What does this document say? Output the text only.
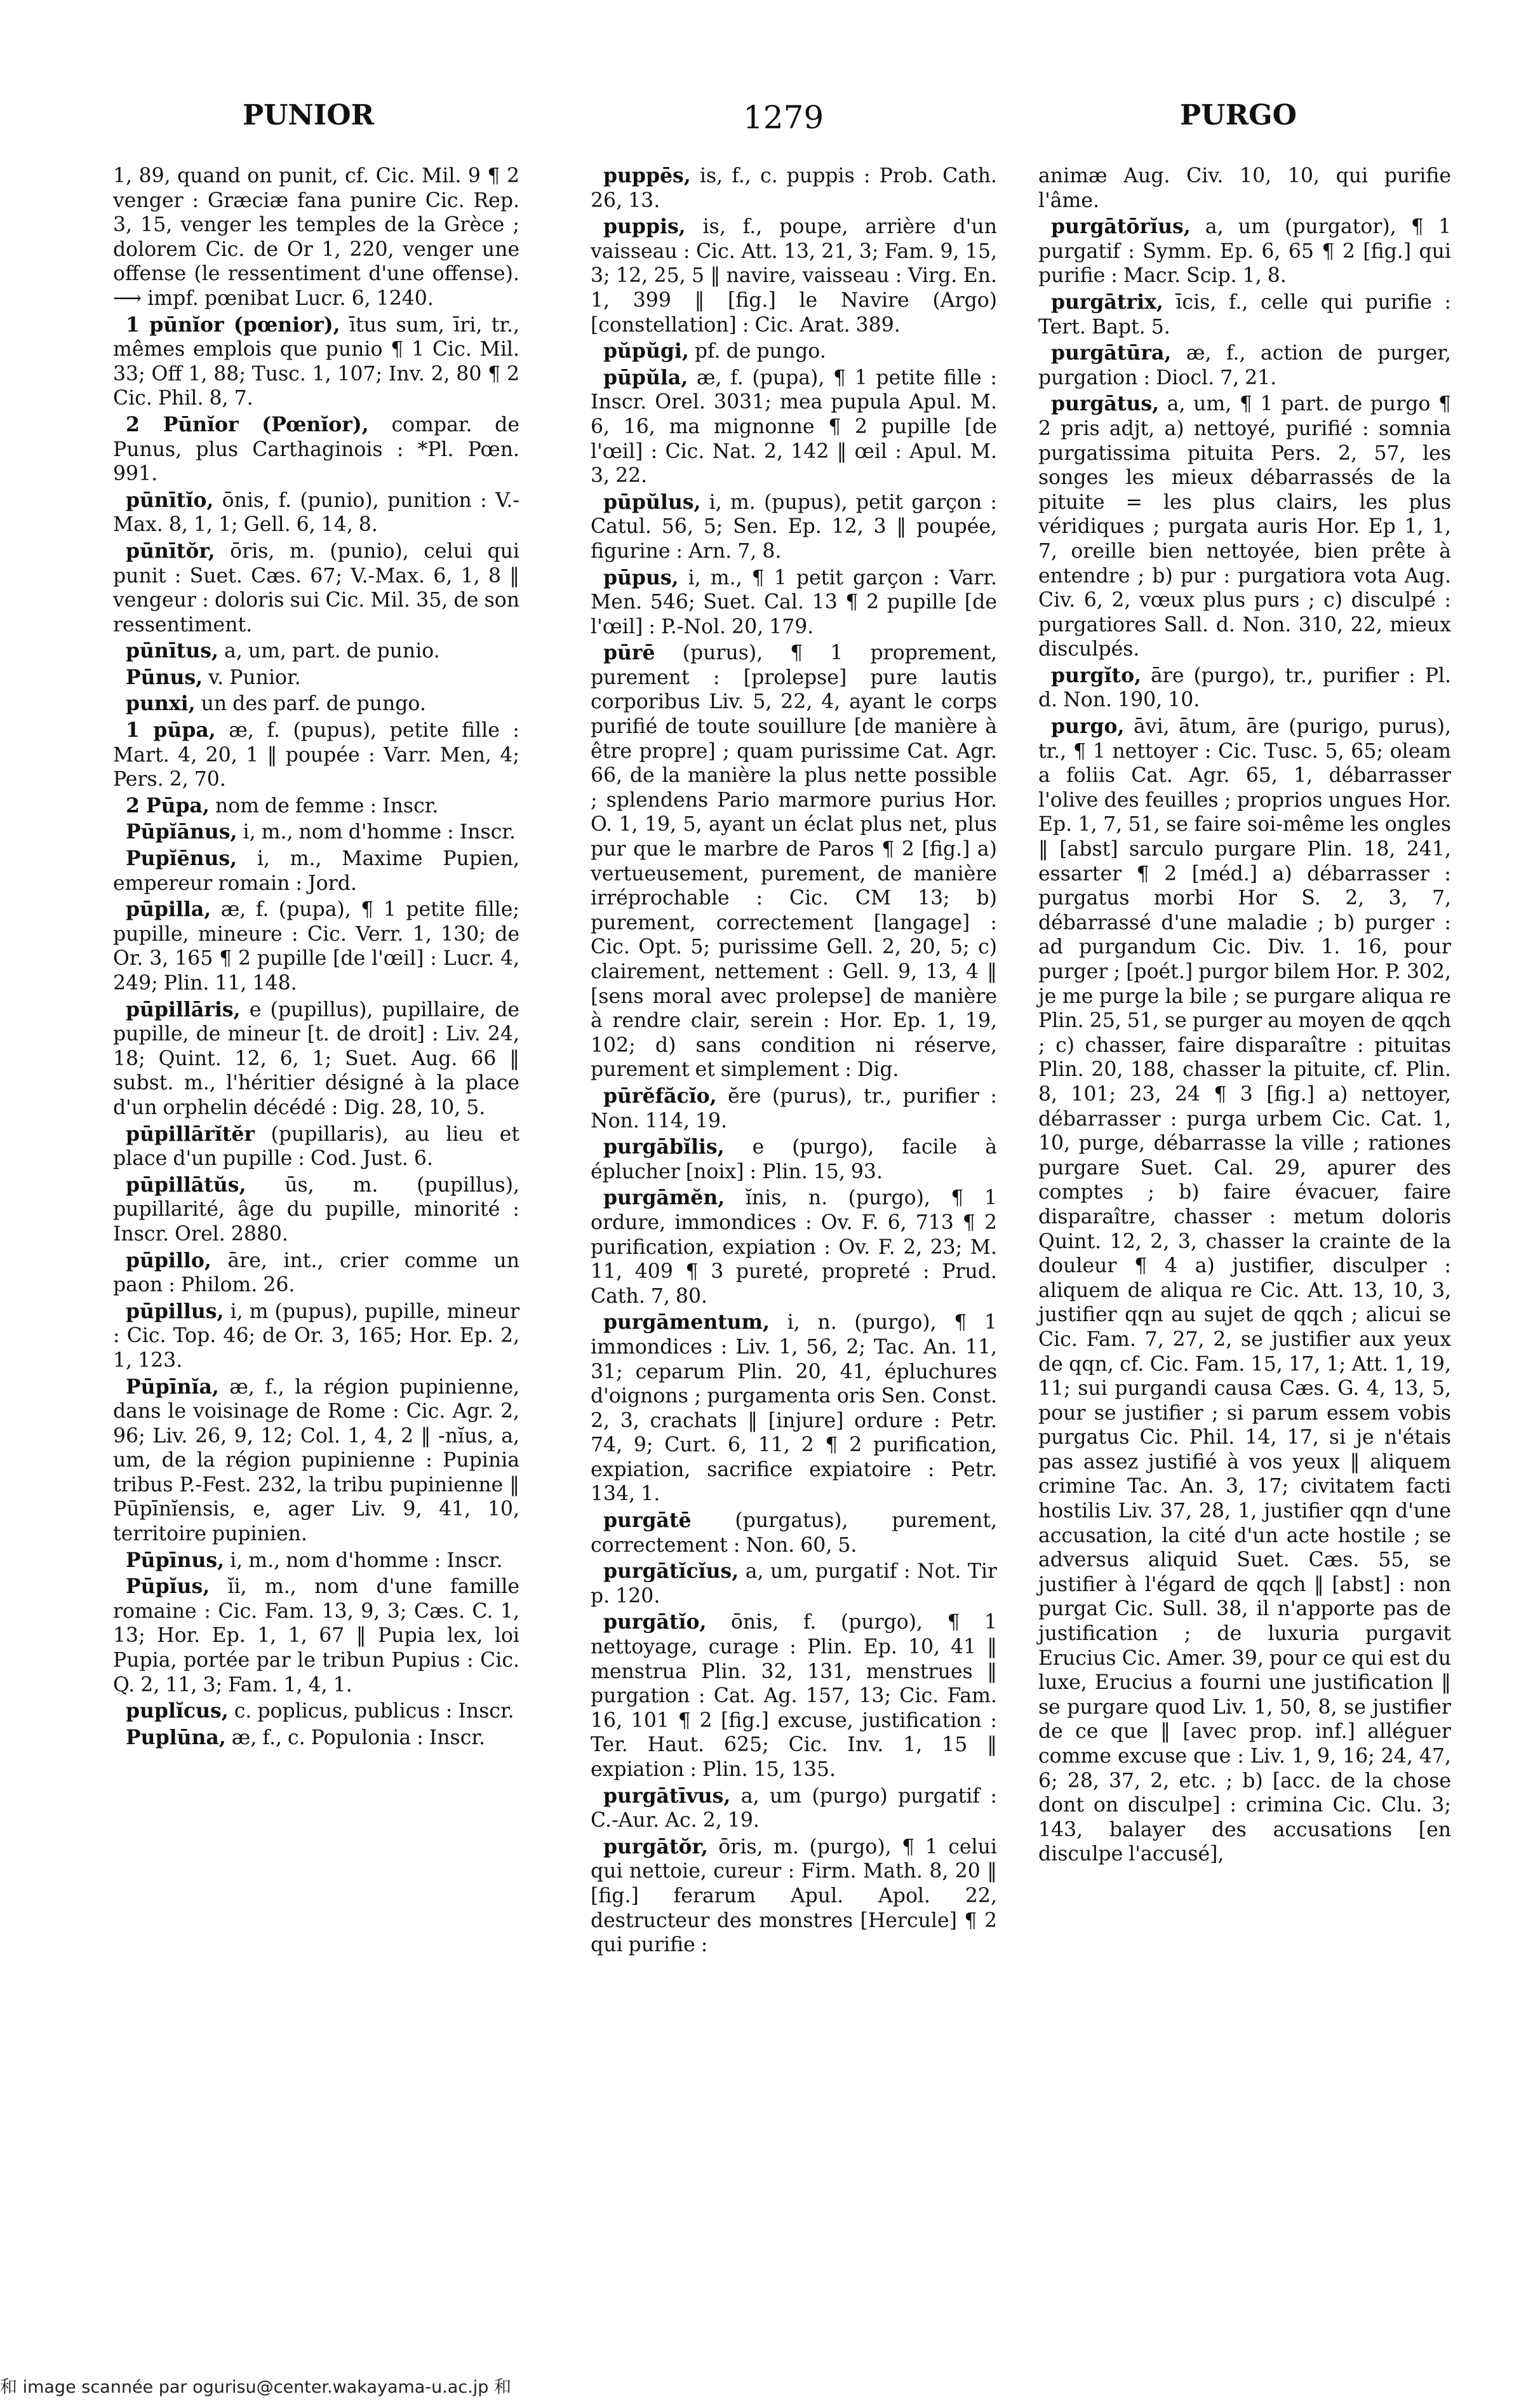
PUNIOR	1279	PURGO
1, 89, quand on punit, cf. Cic. Mil. 9 ¶ 2 venger : Græciæ fana punire Cic. Rep. 3, 15, venger les temples de la Grèce ; dolorem Cic. de Or 1, 220, venger une offense (le ressentiment d'une offense). ⟶ impf. pœnibat Lucr. 6, 1240.
1 pūnĭor (pœnior), ītus sum, īri, tr., mêmes emplois que punio ¶ 1 Cic. Mil. 33; Off 1, 88; Tusc. 1, 107; Inv. 2, 80 ¶ 2 Cic. Phil. 8, 7.
2 Pūnĭor (Pœnĭor), compar. de Punus, plus Carthaginois : *Pl. Pœn. 991.
pūnītĭo, ōnis, f. (punio), punition : V.-Max. 8, 1, 1; Gell. 6, 14, 8.
pūnītŏr, ōris, m. (punio), celui qui punit : Suet. Cæs. 67; V.-Max. 6, 1, 8 ‖ vengeur : doloris sui Cic. Mil. 35, de son ressentiment.
pūnītus, a, um, part. de punio.
Pūnus, v. Punior.
punxi, un des parf. de pungo.
1 pūpa, æ, f. (pupus), petite fille : Mart. 4, 20, 1 ‖ poupée : Varr. Men, 4; Pers. 2, 70.
2 Pūpa, nom de femme : Inscr.
Pūpĭānus, i, m., nom d'homme : Inscr.
Pupĭēnus, i, m., Maxime Pupien, empereur romain : Jord.
pūpilla, æ, f. (pupa), ¶ 1 petite fille; pupille, mineure : Cic. Verr. 1, 130; de Or. 3, 165 ¶ 2 pupille [de l'œil] : Lucr. 4, 249; Plin. 11, 148.
pūpillāris, e (pupillus), pupillaire, de pupille, de mineur [t. de droit] : Liv. 24, 18; Quint. 12, 6, 1; Suet. Aug. 66 ‖ subst. m., l'héritier désigné à la place d'un orphelin décédé : Dig. 28, 10, 5.
pūpillārĭtĕr (pupillaris), au lieu et place d'un pupille : Cod. Just. 6.
pūpillātŭs, ūs, m. (pupillus), pupillarité, âge du pupille, minorité : Inscr. Orel. 2880.
pūpillo, āre, int., crier comme un paon : Philom. 26.
pūpillus, i, m (pupus), pupille, mineur : Cic. Top. 46; de Or. 3, 165; Hor. Ep. 2, 1, 123.
Pūpīnĭa, æ, f., la région pupinienne, dans le voisinage de Rome : Cic. Agr. 2, 96; Liv. 26, 9, 12; Col. 1, 4, 2 ‖ -nĭus, a, um, de la région pupinienne : Pupinia tribus P.-Fest. 232, la tribu pupinienne ‖ Pūpīnĭensis, e, ager Liv. 9, 41, 10, territoire pupinien.
Pūpīnus, i, m., nom d'homme : Inscr.
Pūpĭus, ĭi, m., nom d'une famille romaine : Cic. Fam. 13, 9, 3; Cæs. C. 1, 13; Hor. Ep. 1, 1, 67 ‖ Pupia lex, loi Pupia, portée par le tribun Pupius : Cic. Q. 2, 11, 3; Fam. 1, 4, 1.
puplĭcus, c. poplicus, publicus : Inscr.
Puplūna, æ, f., c. Populonia : Inscr.
puppēs, is, f., c. puppis : Prob. Cath. 26, 13.
puppis, is, f., poupe, arrière d'un vaisseau : Cic. Att. 13, 21, 3; Fam. 9, 15, 3; 12, 25, 5 ‖ navire, vaisseau : Virg. En. 1, 399 ‖ [fig.] le Navire (Argo) [constellation] : Cic. Arat. 389.
pŭpŭgi, pf. de pungo.
pūpŭla, æ, f. (pupa), ¶ 1 petite fille : Inscr. Orel. 3031; mea pupula Apul. M. 6, 16, ma mignonne ¶ 2 pupille [de l'œil] : Cic. Nat. 2, 142 ‖ œil : Apul. M. 3, 22.
pūpŭlus, i, m. (pupus), petit garçon : Catul. 56, 5; Sen. Ep. 12, 3 ‖ poupée, figurine : Arn. 7, 8.
pūpus, i, m., ¶ 1 petit garçon : Varr. Men. 546; Suet. Cal. 13 ¶ 2 pupille [de l'œil] : P.-Nol. 20, 179.
pūrē (purus), ¶ 1 proprement, purement : [prolepse] pure lautis corporibus Liv. 5, 22, 4, ayant le corps purifié de toute souillure [de manière à être propre] ; quam purissime Cat. Agr. 66, de la manière la plus nette possible ; splendens Pario marmore purius Hor. O. 1, 19, 5, ayant un éclat plus net, plus pur que le marbre de Paros ¶ 2 [fig.] a) vertueusement, purement, de manière irréprochable : Cic. CM 13; b) purement, correctement [langage] : Cic. Opt. 5; purissime Gell. 2, 20, 5; c) clairement, nettement : Gell. 9, 13, 4 ‖ [sens moral avec prolepse] de manière à rendre clair, serein : Hor. Ep. 1, 19, 102; d) sans condition ni réserve, purement et simplement : Dig.
pūrĕfăcĭo, ĕre (purus), tr., purifier : Non. 114, 19.
purgābĭlis, e (purgo), facile à éplucher [noix] : Plin. 15, 93.
purgāmĕn, ĭnis, n. (purgo), ¶ 1 ordure, immondices : Ov. F. 6, 713 ¶ 2 purification, expiation : Ov. F. 2, 23; M. 11, 409 ¶ 3 pureté, propreté : Prud. Cath. 7, 80.
purgāmentum, i, n. (purgo), ¶ 1 immondices : Liv. 1, 56, 2; Tac. An. 11, 31; ceparum Plin. 20, 41, épluchures d'oignons ; purgamenta oris Sen. Const. 2, 3, crachats ‖ [injure] ordure : Petr. 74, 9; Curt. 6, 11, 2 ¶ 2 purification, expiation, sacrifice expiatoire : Petr. 134, 1.
purgātē (purgatus), purement, correctement : Non. 60, 5.
purgātĭcĭus, a, um, purgatif : Not. Tir p. 120.
purgātĭo, ōnis, f. (purgo), ¶ 1 nettoyage, curage : Plin. Ep. 10, 41 ‖ menstrua Plin. 32, 131, menstrues ‖ purgation : Cat. Ag. 157, 13; Cic. Fam. 16, 101 ¶ 2 [fig.] excuse, justification : Ter. Haut. 625; Cic. Inv. 1, 15 ‖ expiation : Plin. 15, 135.
purgātīvus, a, um (purgo) purgatif : C.-Aur. Ac. 2, 19.
purgātŏr, ōris, m. (purgo), ¶ 1 celui qui nettoie, cureur : Firm. Math. 8, 20 ‖ [fig.] ferarum Apul. Apol. 22, destructeur des monstres [Hercule] ¶ 2 qui purifie :
animæ Aug. Civ. 10, 10, qui purifie l'âme.
purgātōrĭus, a, um (purgator), ¶ 1 purgatif : Symm. Ep. 6, 65 ¶ 2 [fig.] qui purifie : Macr. Scip. 1, 8.
purgātrix, īcis, f., celle qui purifie : Tert. Bapt. 5.
purgātūra, æ, f., action de purger, purgation : Diocl. 7, 21.
purgātus, a, um, ¶ 1 part. de purgo ¶ 2 pris adjt, a) nettoyé, purifié : somnia purgatissima pituita Pers. 2, 57, les songes les mieux débarrassés de la pituite = les plus clairs, les plus véridiques ; purgata auris Hor. Ep 1, 1, 7, oreille bien nettoyée, bien prête à entendre ; b) pur : purgatiora vota Aug. Civ. 6, 2, vœux plus purs ; c) disculpé : purgatiores Sall. d. Non. 310, 22, mieux disculpés.
purgĭto, āre (purgo), tr., purifier : Pl. d. Non. 190, 10.
purgo, āvi, ātum, āre (purigo, purus), tr., ¶ 1 nettoyer : Cic. Tusc. 5, 65; oleam a foliis Cat. Agr. 65, 1, débarrasser l'olive des feuilles ; proprios ungues Hor. Ep. 1, 7, 51, se faire soi-même les ongles ‖ [abst] sarculo purgare Plin. 18, 241, essarter ¶ 2 [méd.] a) débarrasser : purgatus morbi Hor S. 2, 3, 7, débarrassé d'une maladie ; b) purger : ad purgandum Cic. Div. 1. 16, pour purger ; [poét.] purgor bilem Hor. P. 302, je me purge la bile ; se purgare aliqua re Plin. 25, 51, se purger au moyen de qqch ; c) chasser, faire disparaître : pituitas Plin. 20, 188, chasser la pituite, cf. Plin. 8, 101; 23, 24 ¶ 3 [fig.] a) nettoyer, débarrasser : purga urbem Cic. Cat. 1, 10, purge, débarrasse la ville ; rationes purgare Suet. Cal. 29, apurer des comptes ; b) faire évacuer, faire disparaître, chasser : metum doloris Quint. 12, 2, 3, chasser la crainte de la douleur ¶ 4 a) justifier, disculper : aliquem de aliqua re Cic. Att. 13, 10, 3, justifier qqn au sujet de qqch ; alicui se Cic. Fam. 7, 27, 2, se justifier aux yeux de qqn, cf. Cic. Fam. 15, 17, 1; Att. 1, 19, 11; sui purgandi causa Cæs. G. 4, 13, 5, pour se justifier ; si parum essem vobis purgatus Cic. Phil. 14, 17, si je n'étais pas assez justifié à vos yeux ‖ aliquem crimine Tac. An. 3, 17; civitatem facti hostilis Liv. 37, 28, 1, justifier qqn d'une accusation, la cité d'un acte hostile ; se adversus aliquid Suet. Cæs. 55, se justifier à l'égard de qqch ‖ [abst] : non purgat Cic. Sull. 38, il n'apporte pas de justification ; de luxuria purgavit Erucius Cic. Amer. 39, pour ce qui est du luxe, Erucius a fourni une justification ‖ se purgare quod Liv. 1, 50, 8, se justifier de ce que ‖ [avec prop. inf.] alléguer comme excuse que : Liv. 1, 9, 16; 24, 47, 6; 28, 37, 2, etc. ; b) [acc. de la chose dont on disculpe] : crimina Cic. Clu. 3; 143, balayer des accusations [en disculpe l'accusé],
和 image scannée par ogurisu@center.wakayama-u.ac.jp 和
